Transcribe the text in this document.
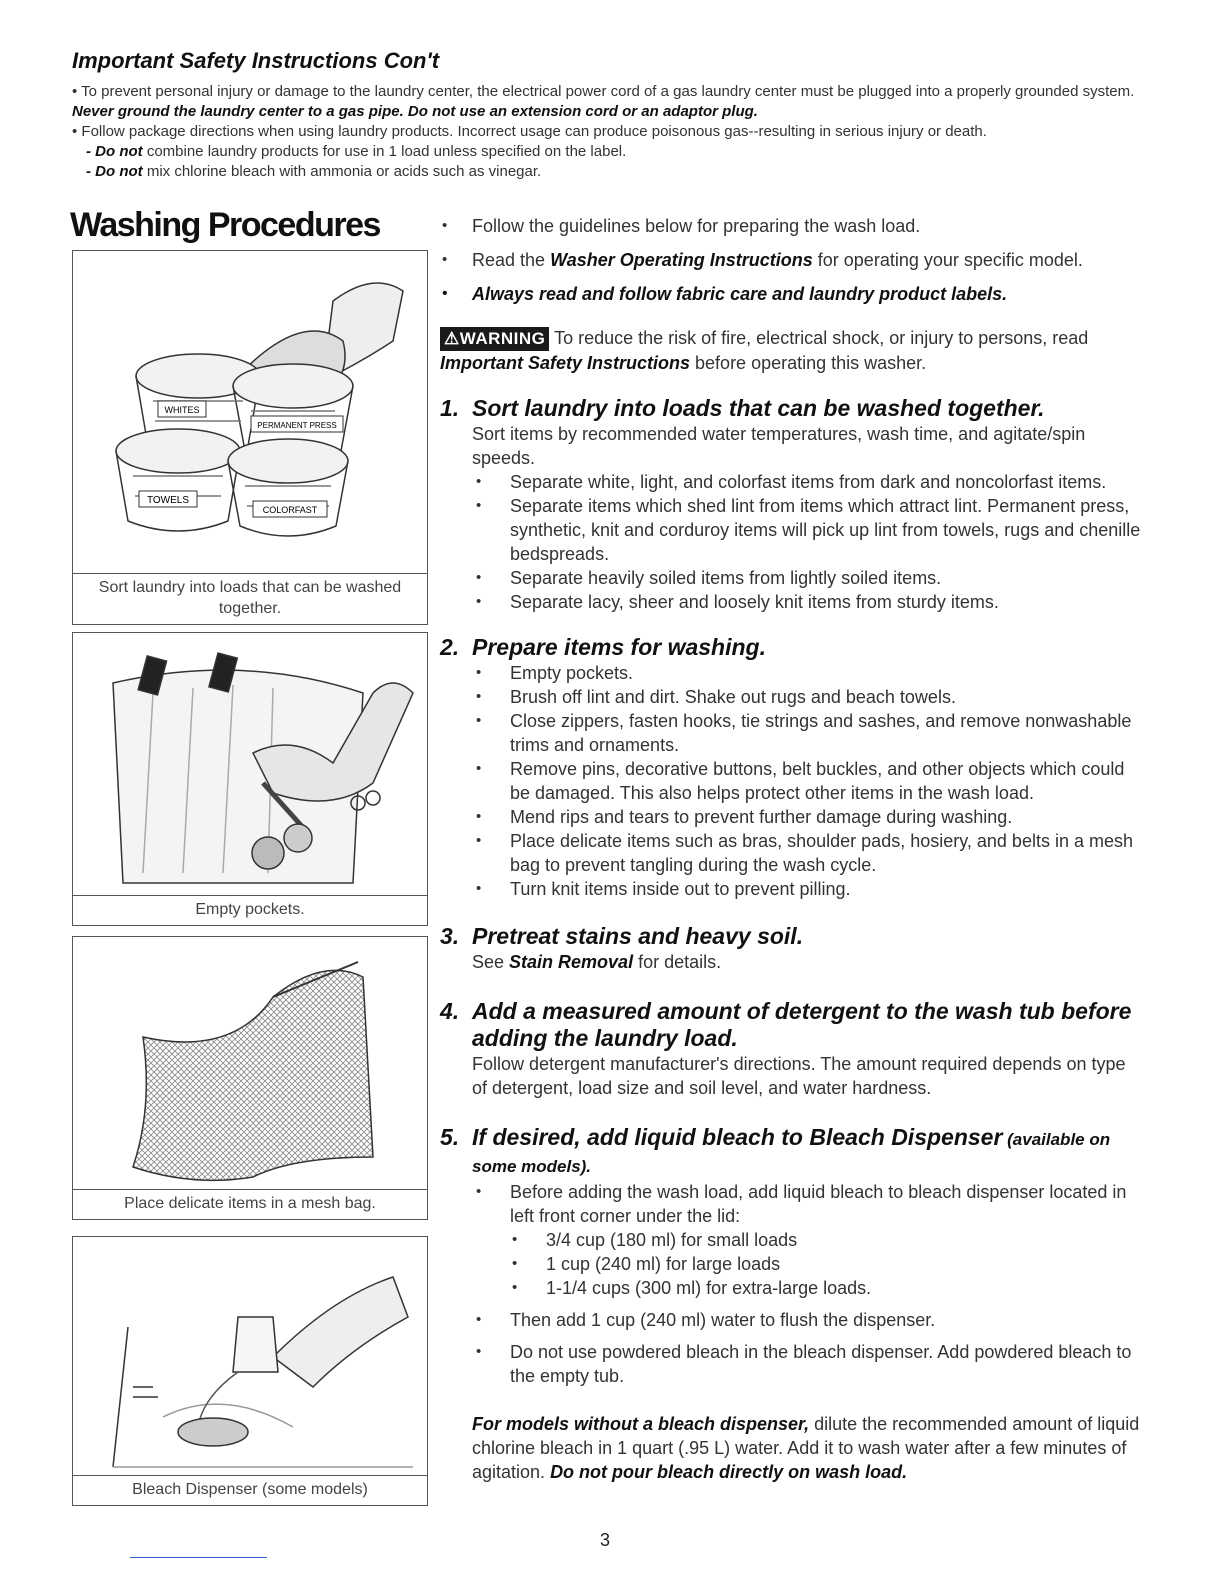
Important Safety Instructions Con't

• To prevent personal injury or damage to the laundry center, the electrical power cord of a gas laundry center must be plugged into a properly grounded system. Never ground the laundry center to a gas pipe. Do not use an extension cord or an adaptor plug.

• Follow package directions when using laundry products. Incorrect usage can produce poisonous gas--resulting in serious injury or death.

- Do not combine laundry products for use in 1 load unless specified on the label.

- Do not mix chlorine bleach with ammonia or acids such as vinegar.

Washing Procedures
WHITES
PERMANENT PRESS
TOWELS
COLORFAST
Sort laundry into loads that can be washed together.
Empty pockets.
Place delicate items in a mesh bag.
Bleach Dispenser (some models)

• Follow the guidelines below for preparing the wash load.

• Read the Washer Operating Instructions for operating your specific model.

• Always read and follow fabric care and laundry product labels.

⚠WARNING To reduce the risk of fire, electrical shock, or injury to persons, read Important Safety Instructions before operating this washer.

1. Sort laundry into loads that can be washed together.

Sort items by recommended water temperatures, wash time, and agitate/spin speeds.

• Separate white, light, and colorfast items from dark and noncolorfast items.

• Separate items which shed lint from items which attract lint. Permanent press, synthetic, knit and corduroy items will pick up lint from towels, rugs and chenille bedspreads.

• Separate heavily soiled items from lightly soiled items.

• Separate lacy, sheer and loosely knit items from sturdy items.

2. Prepare items for washing.

• Empty pockets.

• Brush off lint and dirt. Shake out rugs and beach towels.

• Close zippers, fasten hooks, tie strings and sashes, and remove nonwashable trims and ornaments.

• Remove pins, decorative buttons, belt buckles, and other objects which could be damaged. This also helps protect other items in the wash load.

• Mend rips and tears to prevent further damage during washing.

• Place delicate items such as bras, shoulder pads, hosiery, and belts in a mesh bag to prevent tangling during the wash cycle.

• Turn knit items inside out to prevent pilling.

3. Pretreat stains and heavy soil.

See Stain Removal for details.

4. Add a measured amount of detergent to the wash tub before
adding the laundry load.

Follow detergent manufacturer's directions. The amount required depends on type of detergent, load size and soil level, and water hardness.

5. If desired, add liquid bleach to Bleach Dispenser (available on
some models).

• Before adding the wash load, add liquid bleach to bleach dispenser located in left front corner under the lid:

• 3/4 cup (180 ml) for small loads

• 1 cup (240 ml) for large loads

• 1-1/4 cups (300 ml) for extra-large loads.

• Then add 1 cup (240 ml) water to flush the dispenser.

• Do not use powdered bleach in the bleach dispenser. Add powdered bleach to the empty tub.

For models without a bleach dispenser, dilute the recommended amount of liquid chlorine bleach in 1 quart (.95 L) water. Add it to wash water after a few minutes of agitation. Do not pour bleach directly on wash load.

3
